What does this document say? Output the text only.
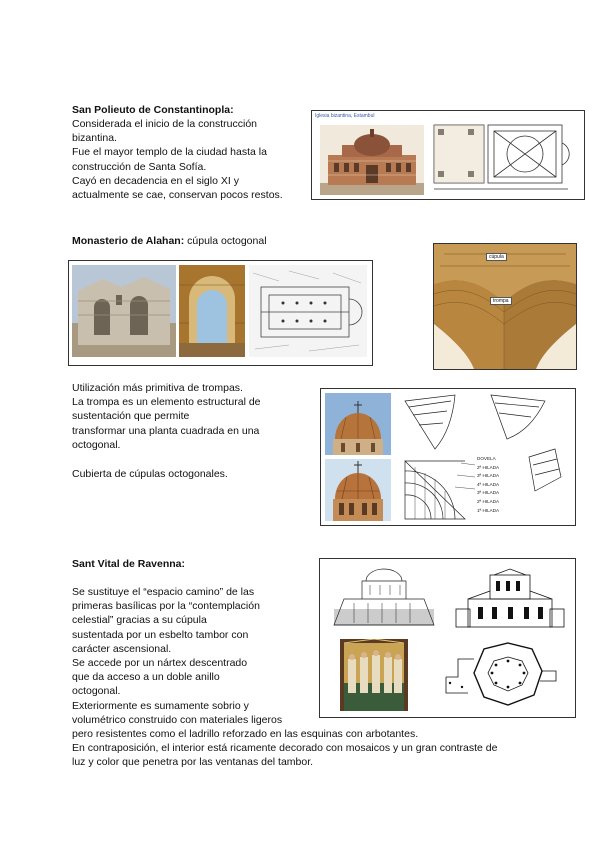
San Polieuto de Constantinopla:
Considerada el inicio de la construcción
bizantina.
Fue el mayor templo de la ciudad hasta la
construcción de Santa Sofía.
Cayó en decadencia en el siglo XI y
actualmente se cae, conservan pocos restos.
Iglesia bizantina, Estambul
Monasterio de Alahan: cúpula octogonal
cúpula
trompa
Utilización más primitiva de trompas.
La trompa es un elemento estructural de
sustentación que permite
transformar una planta cuadrada en una
octogonal.
Cubierta de cúpulas octogonales.
DOVELA
2ª HILADA
3ª HILADA
4ª HILADA
3ª HILADA
2ª HILADA
1ª HILADA
Sant Vital de Ravenna:
Se sustituye el “espacio camino” de las
primeras basílicas por la “contemplación
celestial” gracias a su cúpula
sustentada por un esbelto tambor con
carácter ascensional.
Se accede por un nártex descentrado
que da acceso a un doble anillo
octogonal.
Exteriormente es sumamente sobrio y
volumétrico construido con materiales ligeros
pero resistentes como el ladrillo reforzado en las esquinas con arbotantes.
En contraposición, el interior está ricamente decorado con mosaicos y un gran contraste de
luz y color que penetra por las ventanas del tambor.
